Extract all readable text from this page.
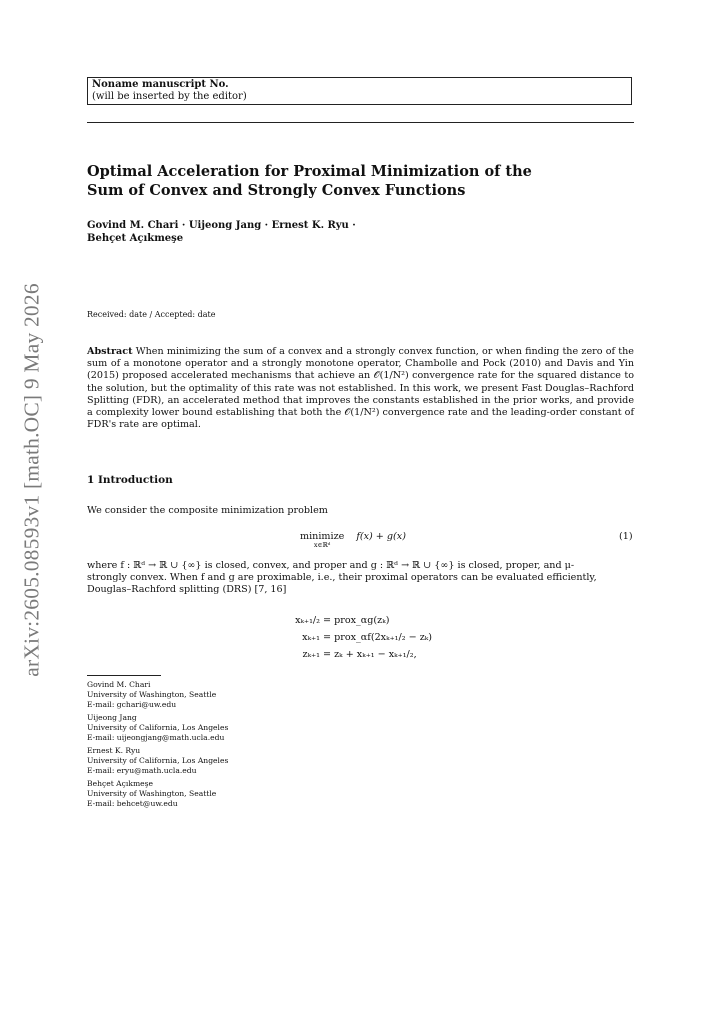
arXiv:2605.08593v1 [math.OC] 9 May 2026
Noname manuscript No.
(will be inserted by the editor)
Optimal Acceleration for Proximal Minimization of the
Sum of Convex and Strongly Convex Functions
Govind M. Chari · Uijeong Jang · Ernest K. Ryu ·
Behçet Açıkmeşe
Received: date / Accepted: date
Abstract When minimizing the sum of a convex and a strongly convex function, or when finding the zero of the sum of a monotone operator and a strongly monotone operator, Chambolle and Pock (2010) and Davis and Yin (2015) proposed accelerated mechanisms that achieve an 𝒪(1/N²) convergence rate for the squared distance to the solution, but the optimality of this rate was not established. In this work, we present Fast Douglas–Rachford Splitting (FDR), an accelerated method that improves the constants established in the prior works, and provide a complexity lower bound establishing that both the 𝒪(1/N²) convergence rate and the leading-order constant of FDR's rate are optimal.
1 Introduction
We consider the composite minimization problem
minimize
x∈ℝᵈ
f(x) + g(x)	(1)
where f : ℝᵈ → ℝ ∪ {∞} is closed, convex, and proper and g : ℝᵈ → ℝ ∪ {∞} is closed, proper, and μ-
strongly convex. When f and g are proximable, i.e., their proximal operators can be evaluated efficiently,
Douglas–Rachford splitting (DRS) [7, 16]
xₖ₊₁/₂ = prox_αg(zₖ)
xₖ₊₁ = prox_αf(2xₖ₊₁/₂ − zₖ)
zₖ₊₁ = zₖ + xₖ₊₁ − xₖ₊₁/₂,
Govind M. Chari
University of Washington, Seattle
E-mail: gchari@uw.edu
Uijeong Jang
University of California, Los Angeles
E-mail: uijeongjang@math.ucla.edu
Ernest K. Ryu
University of California, Los Angeles
E-mail: eryu@math.ucla.edu
Behçet Açıkmeşe
University of Washington, Seattle
E-mail: behcet@uw.edu
